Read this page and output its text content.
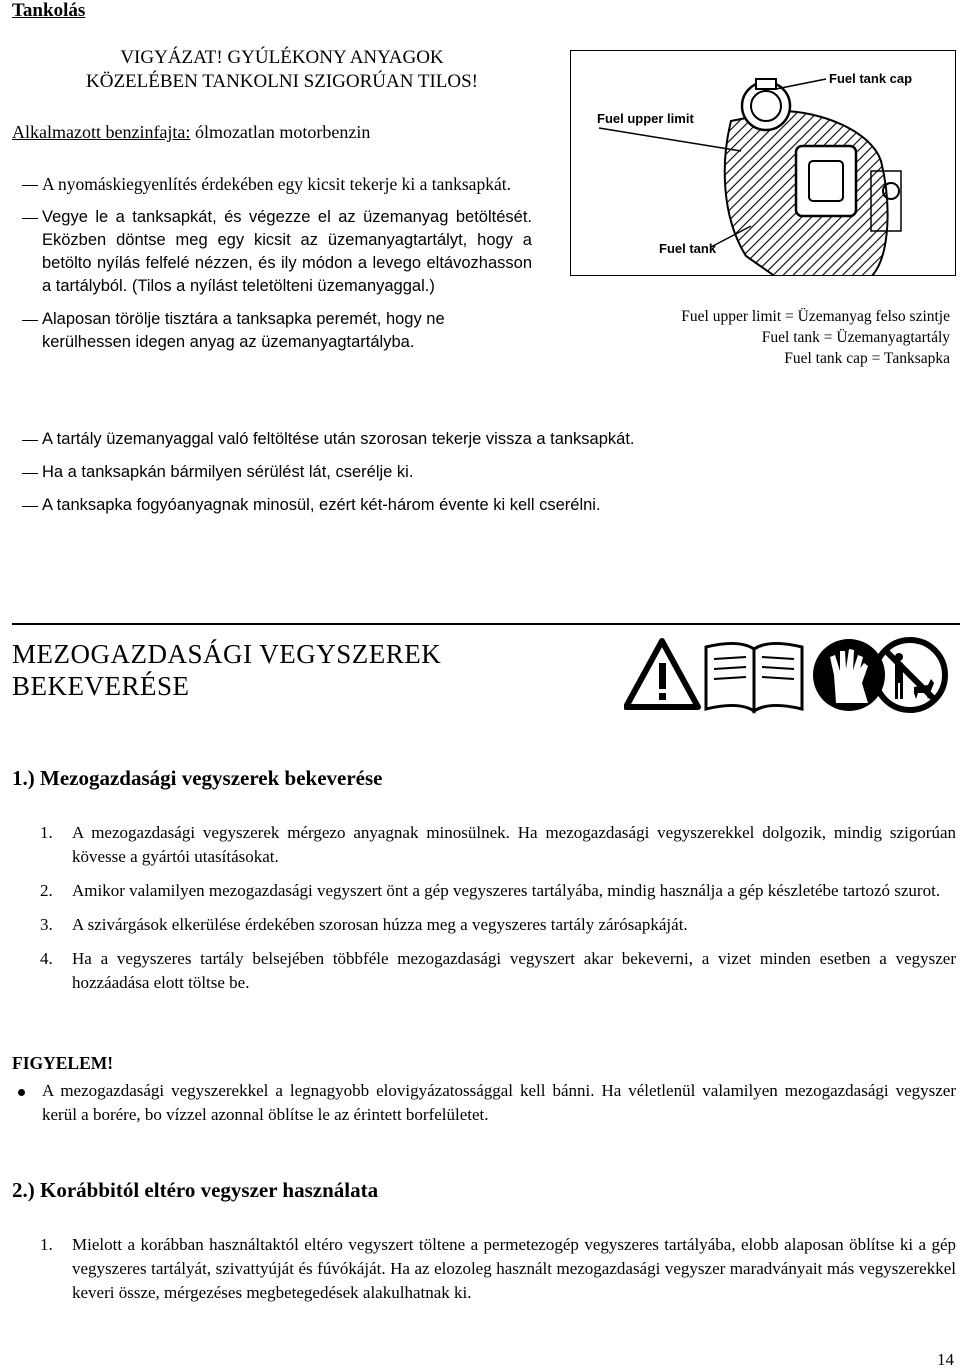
Tankolás
VIGYÁZAT! GYÚLÉKONY ANYAGOK
KÖZELÉBEN TANKOLNI SZIGORÚAN TILOS!
Alkalmazott benzinfajta: ólmozatlan motorbenzin
A nyomáskiegyenlítés érdekében egy kicsit tekerje ki a tanksapkát.
Vegye le a tanksapkát, és végezze el az üzemanyag betöltését. Eközben döntse meg egy kicsit az üzemanyagtartályt, hogy a betölto nyílás felfelé nézzen, és ily módon a levego eltávozhasson a tartályból. (Tilos a nyílást teletölteni üzemanyaggal.)
Alaposan törölje tisztára a tanksapka peremét, hogy ne kerülhessen idegen anyag az üzemanyagtartályba.
A tartály üzemanyaggal való feltöltése után szorosan tekerje vissza a tanksapkát.
Ha a tanksapkán bármilyen sérülést lát, cserélje ki.
A tanksapka fogyóanyagnak minosül, ezért két-három évente ki kell cserélni.
Fuel tank cap
Fuel upper limit
Fuel tank
Fuel upper limit = Üzemanyag felso szintje
Fuel tank = Üzemanyagtartály
Fuel tank cap = Tanksapka
MEZOGAZDASÁGI VEGYSZEREK
BEKEVERÉSE
1.) Mezogazdasági vegyszerek bekeverése
1. A mezogazdasági vegyszerek mérgezo anyagnak minosülnek. Ha mezogazdasági vegyszerekkel dolgozik, mindig szigorúan kövesse a gyártói utasításokat.
2. Amikor valamilyen mezogazdasági vegyszert önt a gép vegyszeres tartályába, mindig használja a gép készletébe tartozó szurot.
3. A szivárgások elkerülése érdekében szorosan húzza meg a vegyszeres tartály zárósapkáját.
4. Ha a vegyszeres tartály belsejében többféle mezogazdasági vegyszert akar bekeverni, a vizet minden esetben a vegyszer hozzáadása elott töltse be.
FIGYELEM!
A mezogazdasági vegyszerekkel a legnagyobb elovigyázatossággal kell bánni. Ha véletlenül valamilyen mezogazdasági vegyszer kerül a borére, bo vízzel azonnal öblítse le az érintett borfelületet.
2.) Korábbitól eltéro vegyszer használata
1. Mielott a korábban használtaktól eltéro vegyszert töltene a permetezogép vegyszeres tartályába, elobb alaposan öblítse ki a gép vegyszeres tartályát, szivattyúját és fúvókáját. Ha az elozoleg használt mezogazdasági vegyszer maradványait más vegyszerekkel keveri össze, mérgezéses megbetegedések alakulhatnak ki.
14
